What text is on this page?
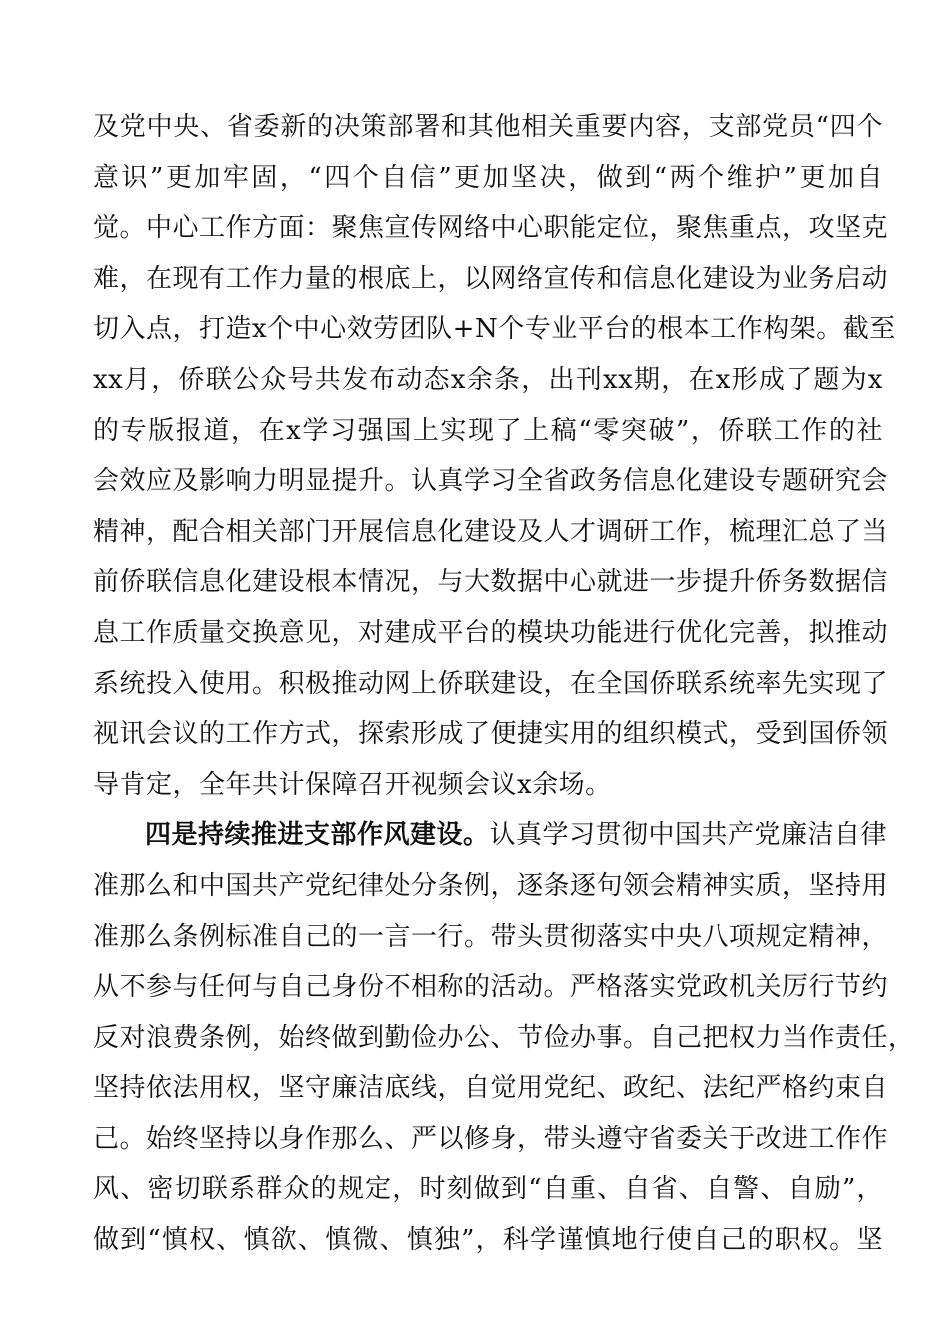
及党中央、省委新的决策部署和其他相关重要内容，支部党员“四个
意识”更加牢固，“四个自信”更加坚决，做到“两个维护”更加自
觉。中心工作方面：聚焦宣传网络中心职能定位，聚焦重点，攻坚克
难，在现有工作力量的根底上，以网络宣传和信息化建设为业务启动
切入点，打造x个中心效劳团队+N个专业平台的根本工作构架。截至
xx月，侨联公众号共发布动态x余条，出刊xx期，在x形成了题为x
的专版报道，在x学习强国上实现了上稿“零突破”，侨联工作的社
会效应及影响力明显提升。认真学习全省政务信息化建设专题研究会
精神，配合相关部门开展信息化建设及人才调研工作，梳理汇总了当
前侨联信息化建设根本情况，与大数据中心就进一步提升侨务数据信
息工作质量交换意见，对建成平台的模块功能进行优化完善，拟推动
系统投入使用。积极推动网上侨联建设，在全国侨联系统率先实现了
视讯会议的工作方式，探索形成了便捷实用的组织模式，受到国侨领
导肯定，全年共计保障召开视频会议x余场。
四是持续推进支部作风建设。认真学习贯彻中国共产党廉洁自律
准那么和中国共产党纪律处分条例，逐条逐句领会精神实质，坚持用
准那么条例标准自己的一言一行。带头贯彻落实中央八项规定精神，
从不参与任何与自己身份不相称的活动。严格落实党政机关厉行节约
反对浪费条例，始终做到勤俭办公、节俭办事。自己把权力当作责任，
坚持依法用权，坚守廉洁底线，自觉用党纪、政纪、法纪严格约束自
己。始终坚持以身作那么、严以修身，带头遵守省委关于改进工作作
风、密切联系群众的规定，时刻做到“自重、自省、自警、自励”，
做到“慎权、慎欲、慎微、慎独”，科学谨慎地行使自己的职权。坚
